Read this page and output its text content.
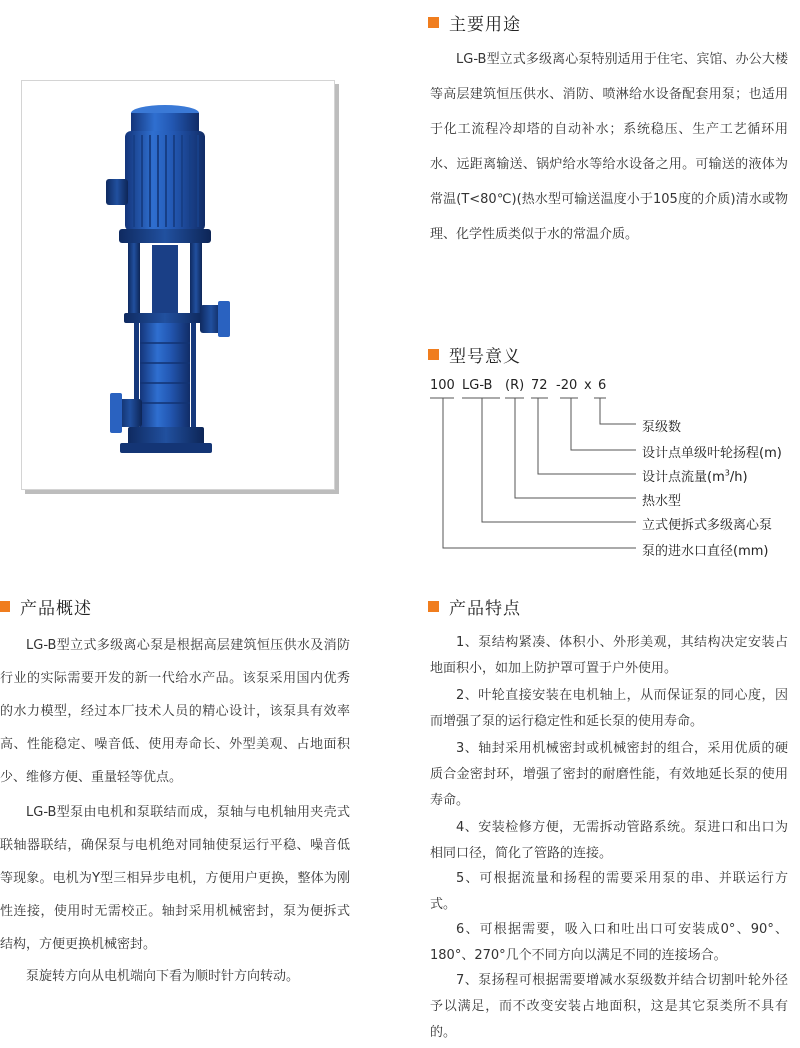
主要用途

LG-B型立式多级离心泵特别适用于住宅、宾馆、办公大楼等高层建筑恒压供水、消防、喷淋给水设备配套用泵；也适用于化工流程冷却塔的自动补水；系统稳压、生产工艺循环用水、远距离输送、锅炉给水等给水设备之用。可输送的液体为常温(T<80℃)(热水型可输送温度小于105度的介质)清水或物理、化学性质类似于水的常温介质。

型号意义
100 LG-B (R) 72 -20 x 6
泵级数
设计点单级叶轮扬程(m)
设计点流量$(m^3/h)$
热水型
立式便拆式多级离心泵
泵的进水口直径(mm)
产品概述

LG-B型立式多级离心泵是根据高层建筑恒压供水及消防行业的实际需要开发的新一代给水产品。该泵采用国内优秀的水力模型，经过本厂技术人员的精心设计，该泵具有效率高、性能稳定、噪音低、使用寿命长、外型美观、占地面积少、维修方便、重量轻等优点。

LG-B型泵由电机和泵联结而成，泵轴与电机轴用夹壳式联轴器联结，确保泵与电机绝对同轴使泵运行平稳、噪音低等现象。电机为Y型三相异步电机，方便用户更换，整体为刚性连接，使用时无需校正。轴封采用机械密封，泵为便拆式结构，方便更换机械密封。

泵旋转方向从电机端向下看为顺时针方向转动。

产品特点

1、泵结构紧凑、体积小、外形美观，其结构决定安装占地面积小，如加上防护罩可置于户外使用。

2、叶轮直接安装在电机轴上，从而保证泵的同心度，因而增强了泵的运行稳定性和延长泵的使用寿命。

3、轴封采用机械密封或机械密封的组合，采用优质的硬质合金密封环，增强了密封的耐磨性能，有效地延长泵的使用寿命。

4、安装检修方便，无需拆动管路系统。泵进口和出口为相同口径，简化了管路的连接。

5、可根据流量和扬程的需要采用泵的串、并联运行方式。

6、可根据需要，吸入口和吐出口可安装成0°、90°、180°、270°几个不同方向以满足不同的连接场合。

7、泵扬程可根据需要增减水泵级数并结合切割叶轮外径予以满足，而不改变安装占地面积，这是其它泵类所不具有的。
